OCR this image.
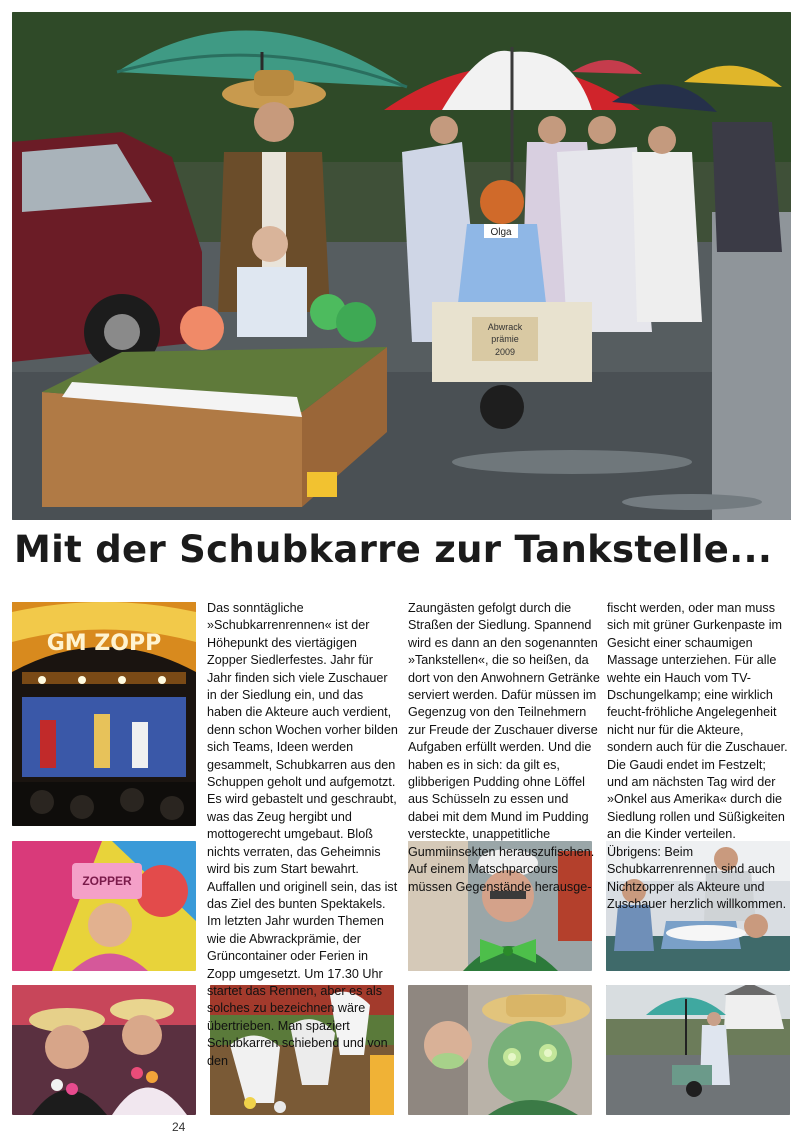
Olga
Abwrack
prämie
2009
Mit der Schubkarre zur Tankstelle...
GM ZOPP
ZOPPER

Das sonntägliche »Schubkarrenrennen« ist der Höhepunkt des viertägigen Zopper Siedlerfestes. Jahr für Jahr finden sich viele Zuschauer in der Siedlung ein, und das haben die Akteure auch verdient, denn schon Wochen vorher bilden sich Teams, Ideen werden gesammelt, Schubkarren aus den Schuppen geholt und aufgemotzt. Es wird gebastelt und geschraubt, was das Zeug hergibt und mottogerecht umgebaut. Bloß nichts verraten, das Geheimnis wird bis zum Start bewahrt. Auffallen und originell sein, das ist das Ziel des bunten Spektakels. Im letzten Jahr wurden Themen wie die Abwrackprämie, der Grüncontainer oder Ferien in Zopp umgesetzt. Um 17.30 Uhr startet das Rennen, aber es als solches zu bezeichnen wäre übertrieben. Man spaziert Schubkarren schiebend und von den

Zaungästen gefolgt durch die Straßen der Siedlung. Spannend wird es dann an den sogenannten »Tankstellen«, die so heißen, da dort von den Anwohnern Getränke serviert werden. Dafür müssen im Gegenzug von den Teilnehmern zur Freude der Zuschauer diverse Aufgaben erfüllt werden. Und die haben es in sich: da gilt es, glibberigen Pudding ohne Löffel aus Schüsseln zu essen und dabei mit dem Mund im Pudding versteckte, unappetitliche Gummiinsekten herauszufischen. Auf einem Matschparcours müssen Gegenstände herausge-

fischt werden, oder man muss sich mit grüner Gurkenpaste im Gesicht einer schaumigen Massage unterziehen. Für alle wehte ein Hauch vom TV-Dschungelkamp; eine wirklich feucht-fröhliche Angelegenheit nicht nur für die Akteure, sondern auch für die Zuschauer. Die Gaudi endet im Festzelt; und am nächsten Tag wird der »Onkel aus Amerika« durch die Siedlung rollen und Süßigkeiten an die Kinder verteilen. Übrigens: Beim Schubkarrenrennen sind auch Nichtzopper als Akteure und Zuschauer herzlich willkommen.

24
